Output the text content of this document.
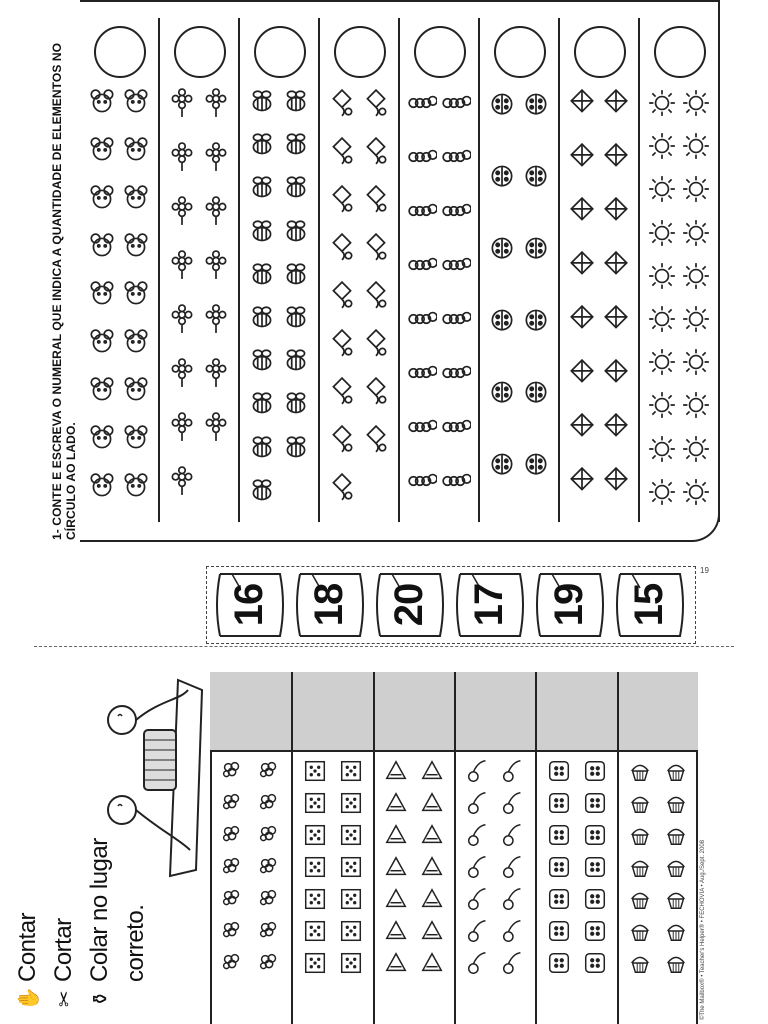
1- CONTE E ESCREVA O NUMERAL QUE INDICA A QUANTIDADE DE ELEMENTOS NO CÍRCULO AO LADO.
19
16 18 20 17 19 15
✋
Contar
✂
Cortar
⚱
Colar no lugar correto.	©The Mailbox® • Teacher's Helper® • FECHOVIA • Aug./Sept. 2008
